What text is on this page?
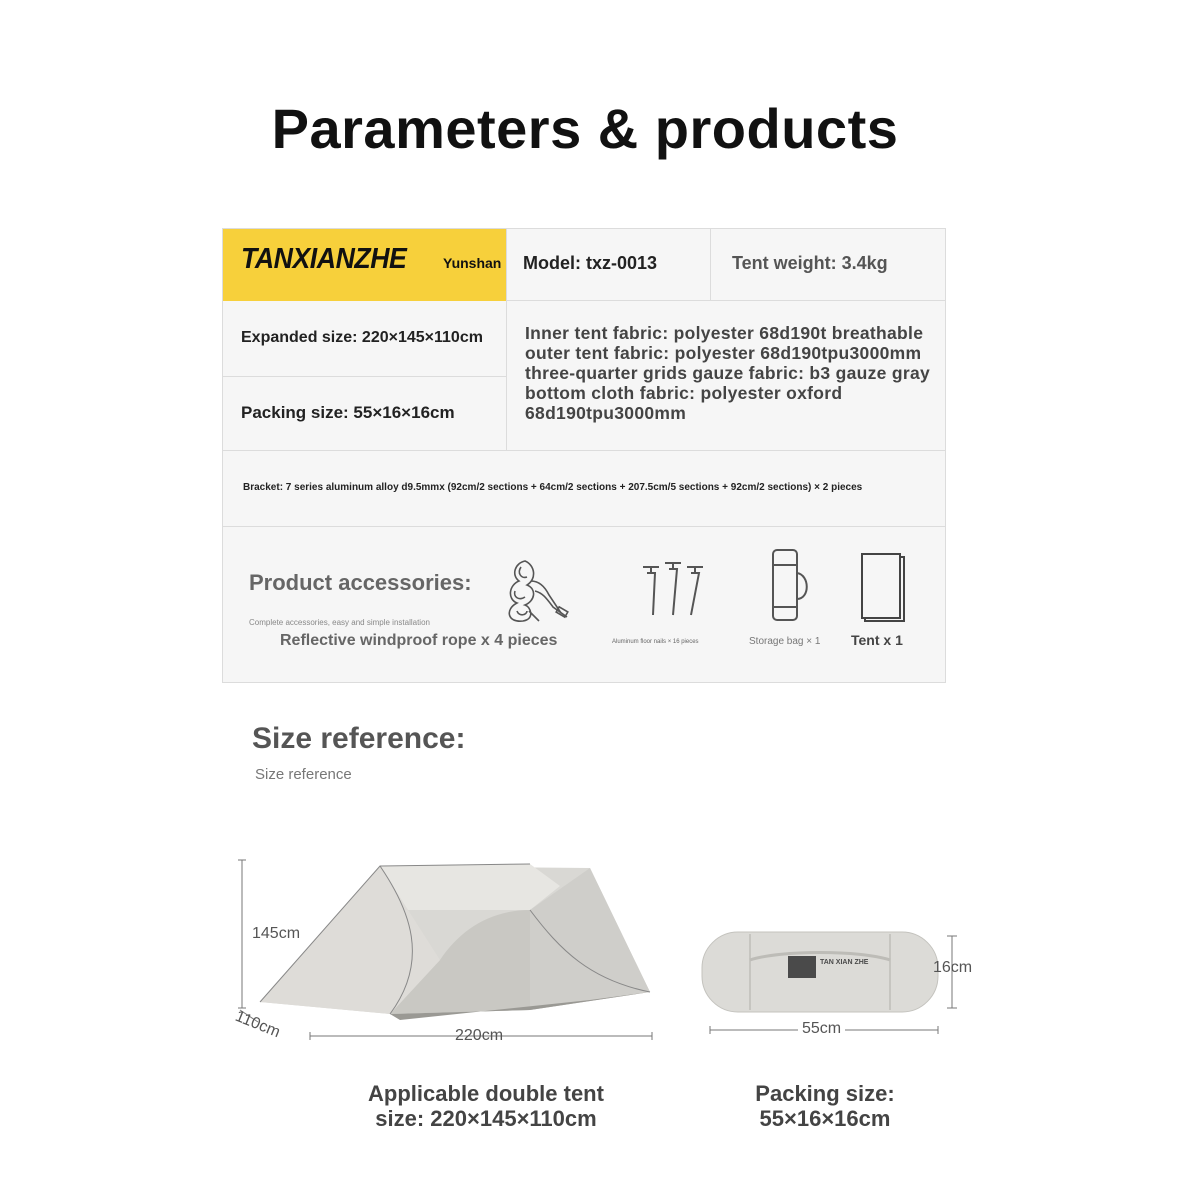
Parameters & products
TANXIANZHE	Yunshan Model: txz-0013	Tent weight: 3.4kg
Expanded size: 220×145×110cm
Packing size: 55×16×16cm
Inner tent fabric: polyester 68d190t breathable outer tent fabric: polyester 68d190tpu3000mm three-quarter grids gauze fabric: b3 gauze gray bottom cloth fabric: polyester oxford 68d190tpu3000mm
Bracket: 7 series aluminum alloy d9.5mmx (92cm/2 sections + 64cm/2 sections + 207.5cm/5 sections + 92cm/2 sections) × 2 pieces
Product accessories:
Complete accessories, easy and simple installation
Reflective windproof rope x 4 pieces	Aluminum floor nails × 16 pieces	Storage bag × 1 Tent x 1
Size reference:
Size reference
145cm
110cm	220cm
TAN XIAN ZHE	16cm
55cm
Applicable double tent
size: 220×145×110cm
Packing size:
55×16×16cm
